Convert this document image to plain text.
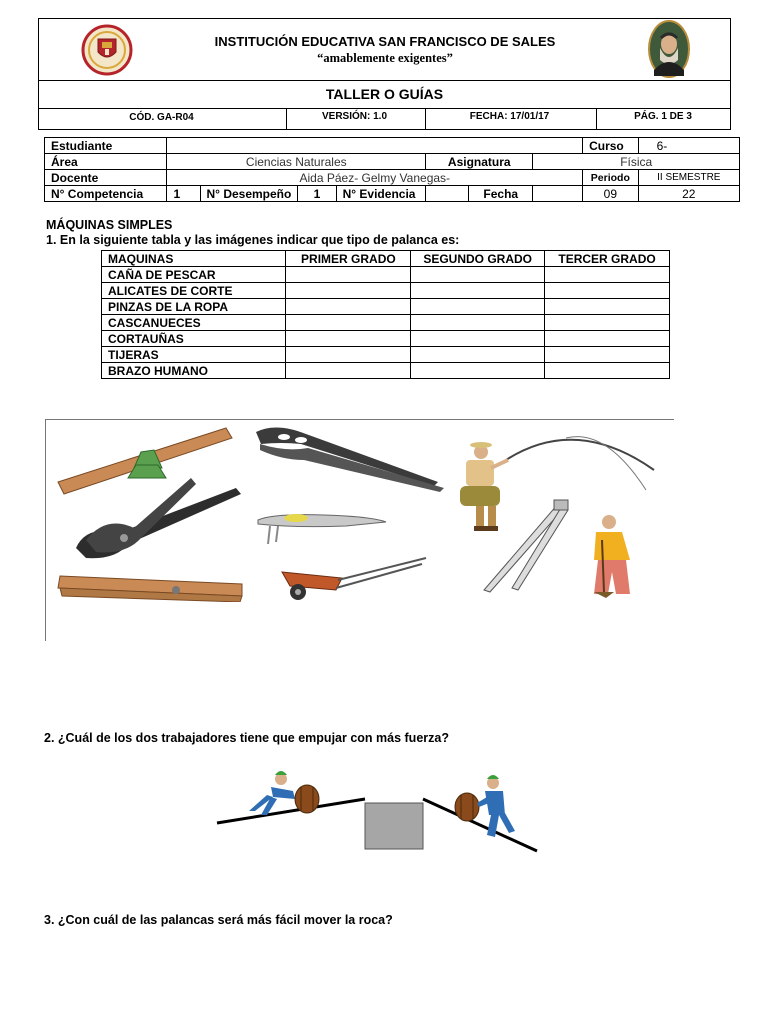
INSTITUCIÓN EDUCATIVA SAN FRANCISCO DE SALES
“amablemente exigentes”
TALLER O GUÍAS
CÓD. GA-R04	VERSIÓN: 1.0	FECHA: 17/01/17	PÁG. 1 DE 3
Estudiante								Curso	6-
Área	Ciencias Naturales				Asignatura		Física		
Docente	Aida Páez- Gelmy Vanegas-							Periodo	II SEMESTRE
N° Competencia	1	N° Desempeño	1	N° Evidencia		Fecha		09	22
MÁQUINAS SIMPLES
1. En la siguiente tabla y las imágenes indicar que tipo de palanca es:
MAQUINAS	PRIMER GRADO	SEGUNDO GRADO	TERCER GRADO
CAÑA DE PESCAR			
ALICATES DE CORTE			
PINZAS DE LA ROPA			
CASCANUECES			
CORTAUÑAS			
TIJERAS			
BRAZO HUMANO			
2. ¿Cuál de los dos trabajadores tiene que empujar con más fuerza?
3. ¿Con cuál de las palancas será más fácil mover la roca?
